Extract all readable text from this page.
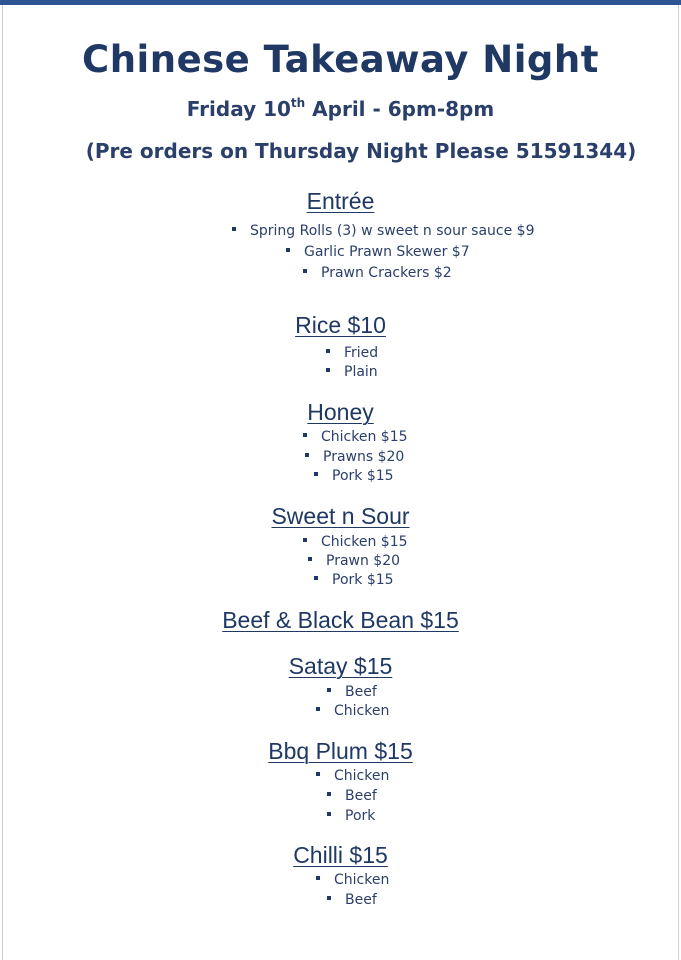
Chinese Takeaway Night
Friday 10th April - 6pm-8pm
(Pre orders on Thursday Night Please 51591344)
Entrée
Spring Rolls (3) w sweet n sour sauce $9
Garlic Prawn Skewer $7
Prawn Crackers $2
Rice $10
Fried
Plain
Honey
Chicken $15
Prawns $20
Pork $15
Sweet n Sour
Chicken $15
Prawn $20
Pork $15
Beef & Black Bean $15
Satay $15
Beef
Chicken
Bbq Plum $15
Chicken
Beef
Pork
Chilli $15
Chicken
Beef
